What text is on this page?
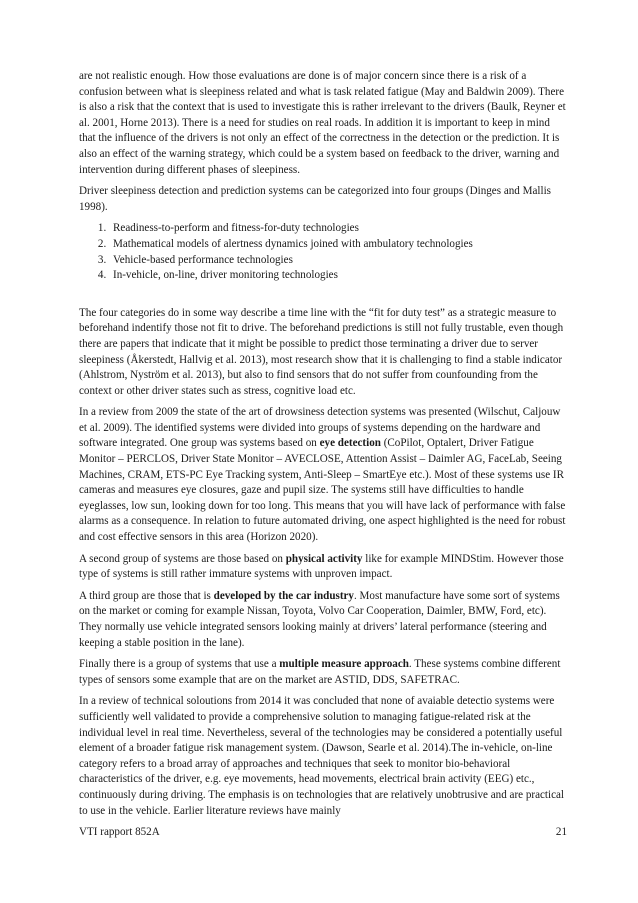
are not realistic enough. How those evaluations are done is of major concern since there is a risk of a confusion between what is sleepiness related and what is task related fatigue (May and Baldwin 2009). There is also a risk that the context that is used to investigate this is rather irrelevant to the drivers (Baulk, Reyner et al. 2001, Horne 2013). There is a need for studies on real roads. In addition it is important to keep in mind that the influence of the drivers is not only an effect of the correctness in the detection or the prediction. It is also an effect of the warning strategy, which could be a system based on feedback to the driver, warning and intervention during different phases of sleepiness.

Driver sleepiness detection and prediction systems can be categorized into four groups (Dinges and Mallis 1998).

1. Readiness-to-perform and fitness-for-duty technologies
2. Mathematical models of alertness dynamics joined with ambulatory technologies
3. Vehicle-based performance technologies
4. In-vehicle, on-line, driver monitoring technologies

The four categories do in some way describe a time line with the “fit for duty test” as a strategic measure to beforehand indentify those not fit to drive. The beforehand predictions is still not fully trustable, even though there are papers that indicate that it might be possible to predict those terminating a driver due to server sleepiness (Åkerstedt, Hallvig et al. 2013), most research show that it is challenging to find a stable indicator (Ahlstrom, Nyström et al. 2013), but also to find sensors that do not suffer from counfounding from the context or other driver states such as stress, cognitive load etc.

In a review from 2009 the state of the art of drowsiness detection systems was presented (Wilschut, Caljouw et al. 2009). The identified systems were divided into groups of systems depending on the hardware and software integrated. One group was systems based on eye detection (CoPilot, Optalert, Driver Fatigue Monitor – PERCLOS, Driver State Monitor – AVECLOSE, Attention Assist – Daimler AG, FaceLab, Seeing Machines, CRAM, ETS-PC Eye Tracking system, Anti-Sleep – SmartEye etc.). Most of these systems use IR cameras and measures eye closures, gaze and pupil size. The systems still have difficulties to handle eyeglasses, low sun, looking down for too long. This means that you will have lack of performance with false alarms as a consequence. In relation to future automated driving, one aspect highlighted is the need for robust and cost effective sensors in this area (Horizon 2020).

A second group of systems are those based on physical activity like for example MINDStim. However those type of systems is still rather immature systems with unproven impact.

A third group are those that is developed by the car industry. Most manufacture have some sort of systems on the market or coming for example Nissan, Toyota, Volvo Car Cooperation, Daimler, BMW, Ford, etc). They normally use vehicle integrated sensors looking mainly at drivers’ lateral performance (steering and keeping a stable position in the lane).

Finally there is a group of systems that use a multiple measure approach. These systems combine different types of sensors some example that are on the market are ASTID, DDS, SAFETRAC.

In a review of technical soloutions from 2014 it was concluded that none of avaiable detectio systems were sufficiently well validated to provide a comprehensive solution to managing fatigue-related risk at the individual level in real time. Nevertheless, several of the technologies may be considered a potentially useful element of a broader fatigue risk management system. (Dawson, Searle et al. 2014).The in-vehicle, on-line category refers to a broad array of approaches and techniques that seek to monitor bio-behavioral characteristics of the driver, e.g. eye movements, head movements, electrical brain activity (EEG) etc., continuously during driving. The emphasis is on technologies that are relatively unobtrusive and are practical to use in the vehicle. Earlier literature reviews have mainly

VTI rapport 852A	21
